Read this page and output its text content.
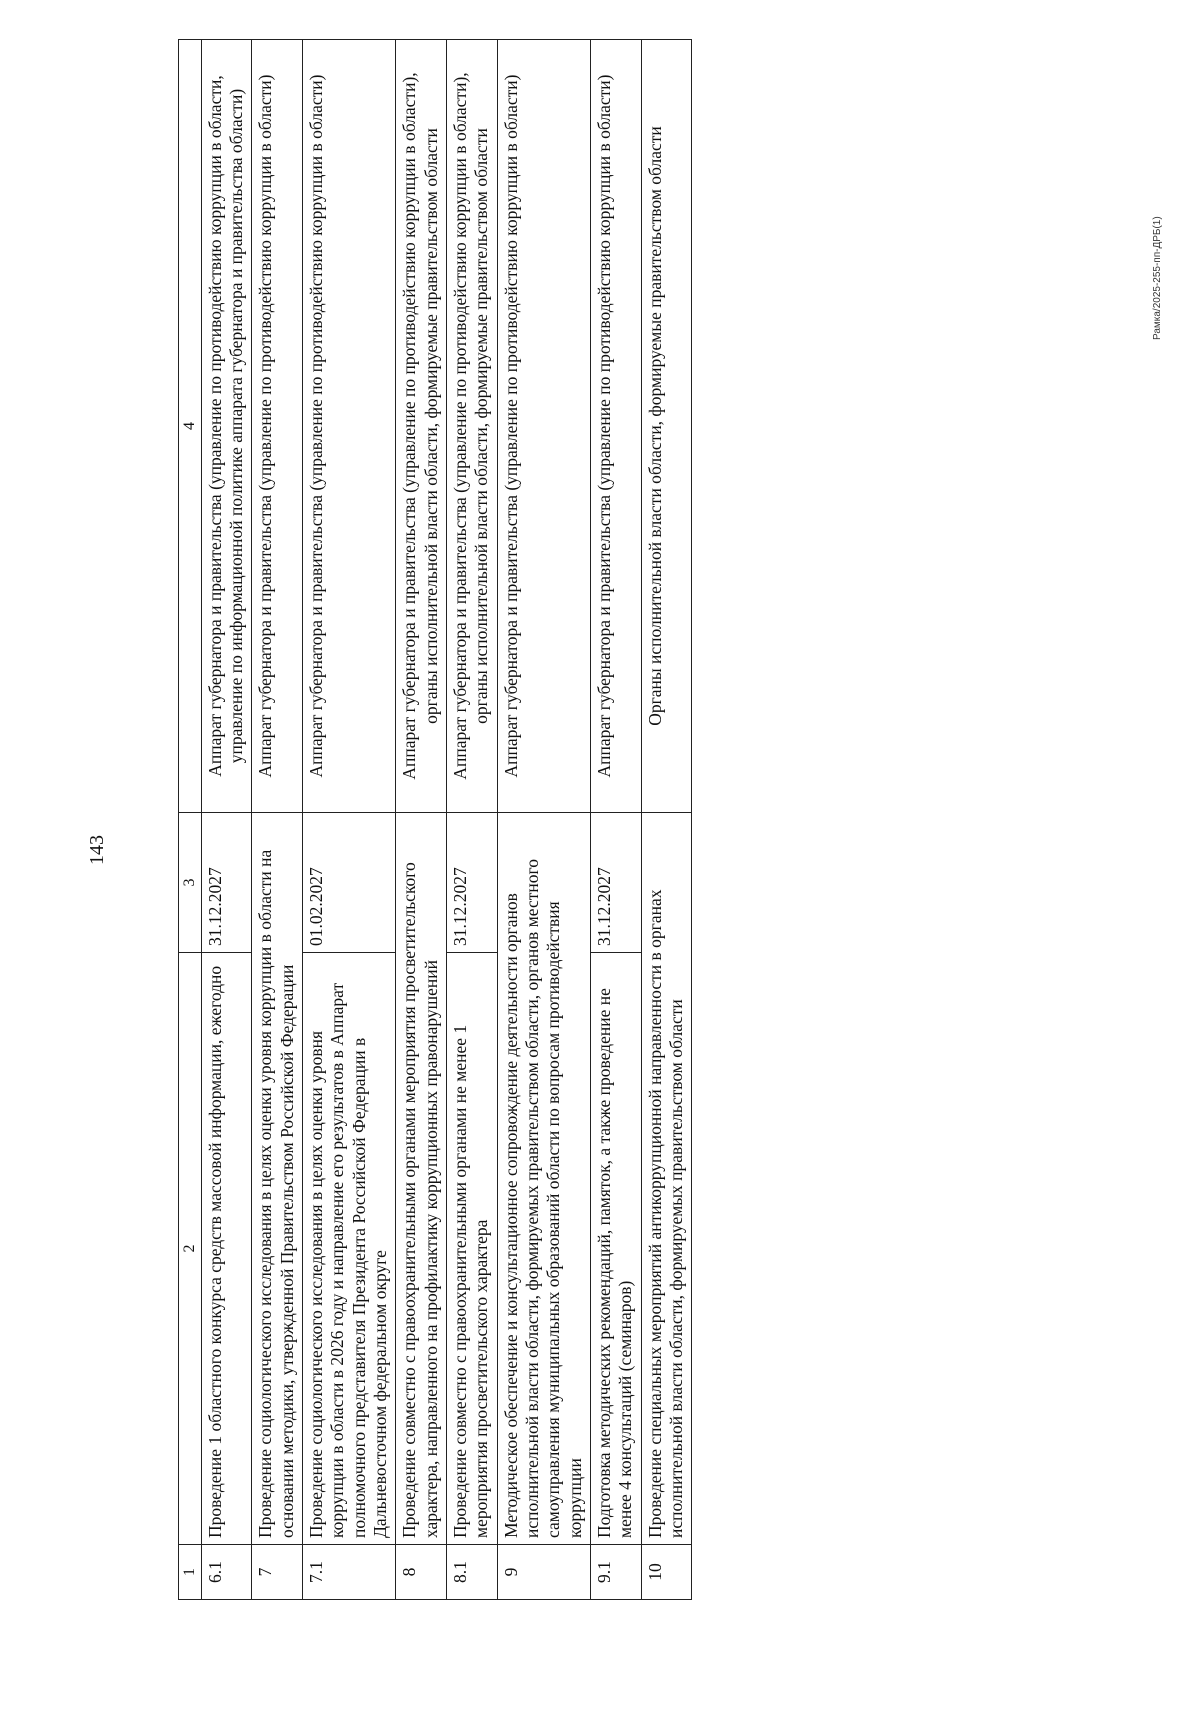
143
1	2	3	4
6.1	Проведение 1 областного конкурса средств массовой информации, ежегодно	31.12.2027	Аппарат губернатора и правительства (управление по противодействию коррупции в области, управление по информационной политике аппарата губернатора и правительства области)
7	Проведение социологического исследования в целях оценки уровня коррупции в области на основании методики, утвержденной Правительством Российской Федерации		Аппарат губернатора и правительства (управление по противодействию коррупции в области)
7.1	Проведение социологического исследования в целях оценки уровня коррупции в области в 2026 году и направление его результатов в Аппарат полномочного представителя Президента Российской Федерации в Дальневосточном федеральном округе	01.02.2027	Аппарат губернатора и правительства (управление по противодействию коррупции в области)
8	Проведение совместно с правоохранительными органами мероприятия просветительского характера, направленного на профилактику коррупционных правонарушений		Аппарат губернатора и правительства (управление по противодействию коррупции в области), органы исполнительной власти области, формируемые правительством области
8.1	Проведение совместно с правоохранительными органами не менее 1 мероприятия просветительского характера	31.12.2027	Аппарат губернатора и правительства (управление по противодействию коррупции в области), органы исполнительной власти области, формируемые правительством области
9	Методическое обеспечение и консультационное сопровождение деятельности органов исполнительной власти области, формируемых правительством области, органов местного самоуправления муниципальных образований области по вопросам противодействия коррупции		Аппарат губернатора и правительства (управление по противодействию коррупции в области)
9.1	Подготовка методических рекомендаций, памяток, а также проведение не менее 4 консультаций (семинаров)	31.12.2027	Аппарат губернатора и правительства (управление по противодействию коррупции в области)
10	Проведение специальных мероприятий антикоррупционной направленности в органах исполнительной власти области, формируемых правительством области		Органы исполнительной власти области, формируемые правительством области	Рамка/2025-255-пп-ДРБ(1)
